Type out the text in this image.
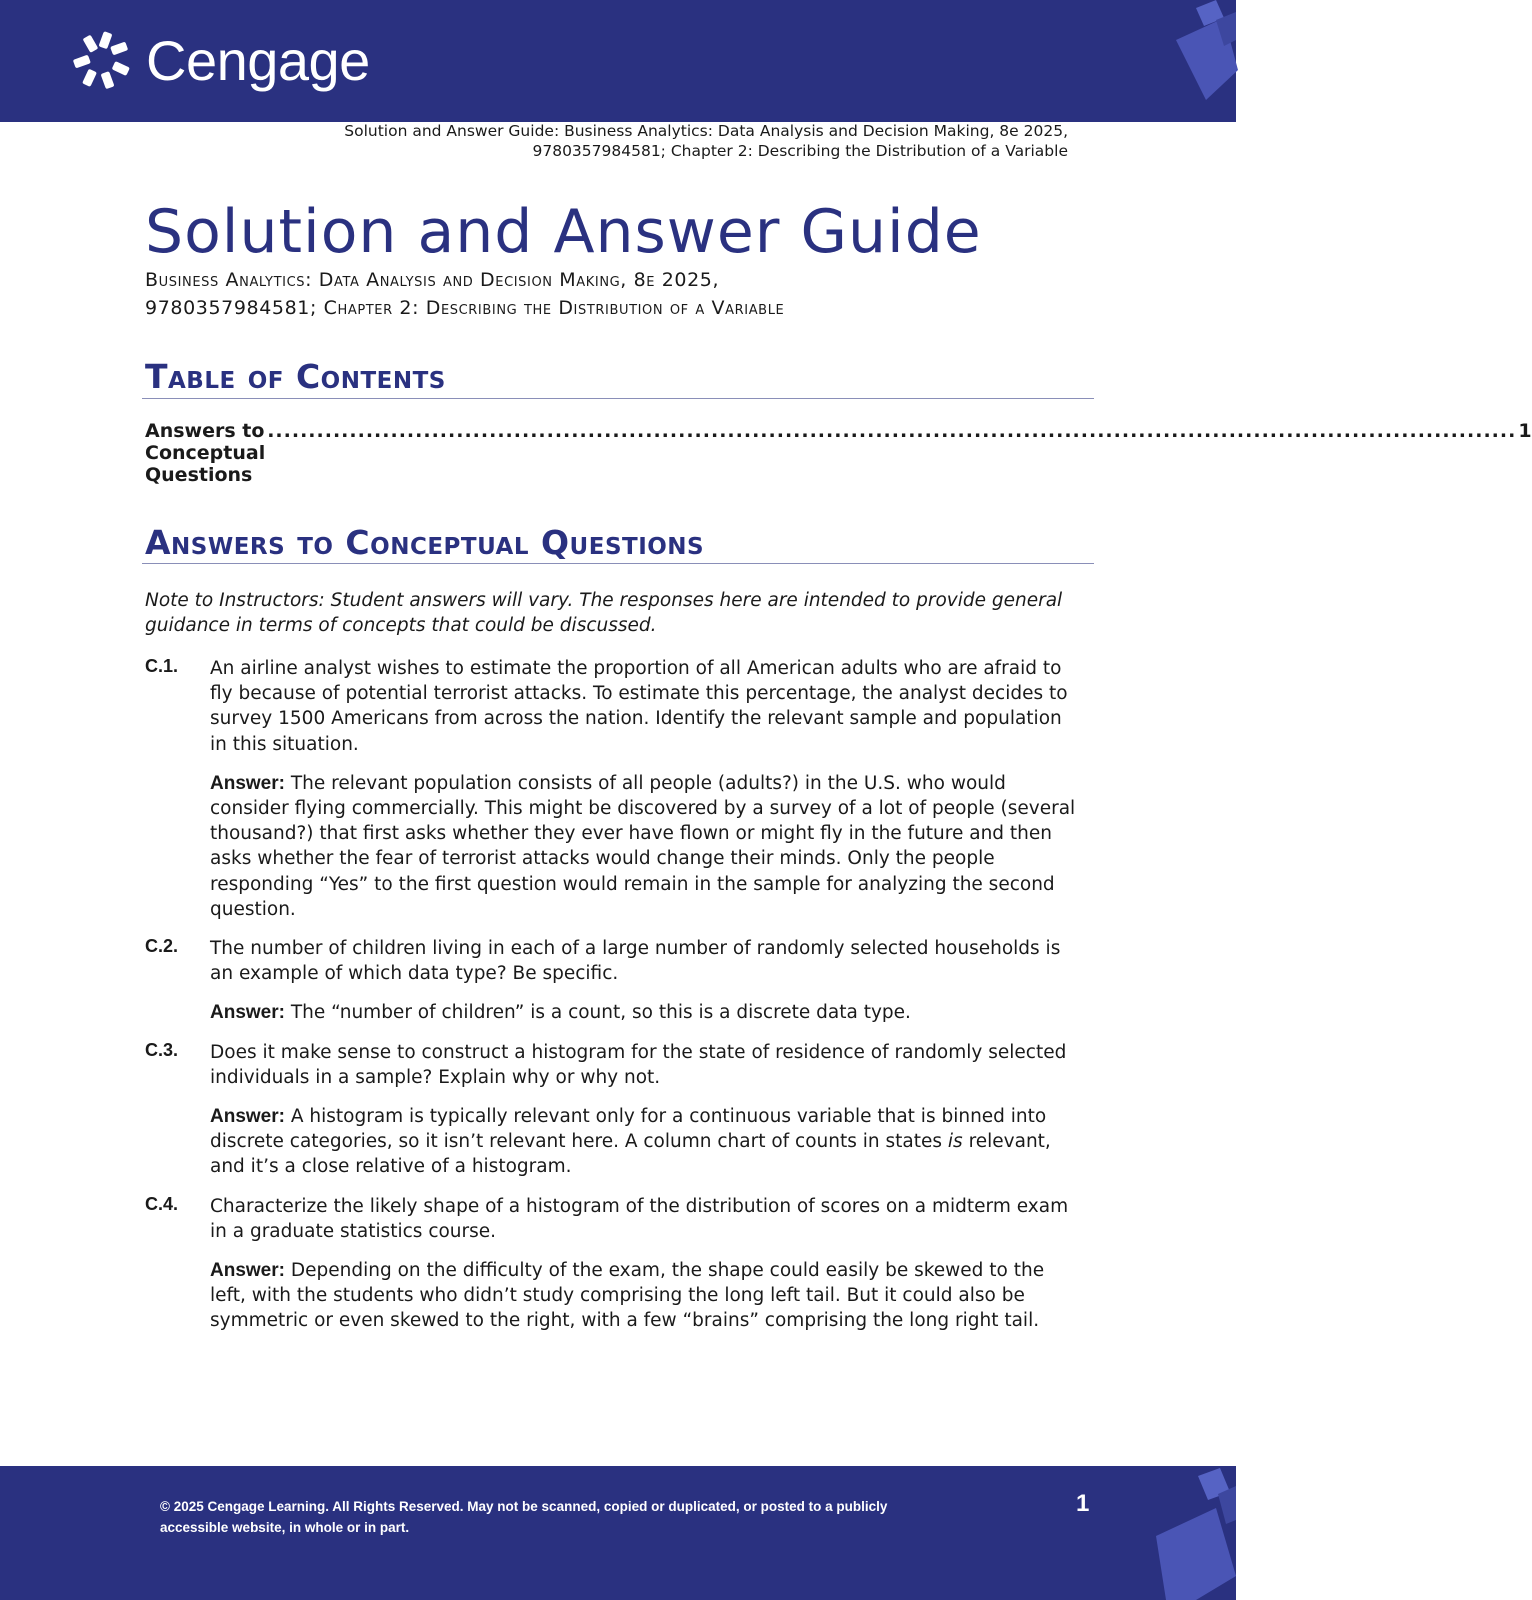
Cengage
Solution and Answer Guide: Business Analytics: Data Analysis and Decision Making, 8e 2025,
9780357984581; Chapter 2: Describing the Distribution of a Variable
Solution and Answer Guide
Business Analytics: Data Analysis and Decision Making, 8e 2025,
9780357984581; Chapter 2: Describing the Distribution of a Variable
Table of Contents
Answers to Conceptual Questions
........................................................................................................................................................ 1
Answers to Conceptual Questions
Note to Instructors: Student answers will vary. The responses here are intended to provide general guidance in terms of concepts that could be discussed.
C.1. An airline analyst wishes to estimate the proportion of all American adults who are afraid to fly because of potential terrorist attacks. To estimate this percentage, the analyst decides to survey 1500 Americans from across the nation. Identify the relevant sample and population in this situation.
Answer: The relevant population consists of all people (adults?) in the U.S. who would consider flying commercially. This might be discovered by a survey of a lot of people (several thousand?) that first asks whether they ever have flown or might fly in the future and then asks whether the fear of terrorist attacks would change their minds. Only the people responding “Yes” to the first question would remain in the sample for analyzing the second question.
C.2. The number of children living in each of a large number of randomly selected households is an example of which data type? Be specific.
Answer: The “number of children” is a count, so this is a discrete data type.
C.3. Does it make sense to construct a histogram for the state of residence of randomly selected individuals in a sample? Explain why or why not.
Answer: A histogram is typically relevant only for a continuous variable that is binned into discrete categories, so it isn’t relevant here. A column chart of counts in states is relevant, and it’s a close relative of a histogram.
C.4. Characterize the likely shape of a histogram of the distribution of scores on a midterm exam in a graduate statistics course.
Answer: Depending on the difficulty of the exam, the shape could easily be skewed to the left, with the students who didn’t study comprising the long left tail. But it could also be symmetric or even skewed to the right, with a few “brains” comprising the long right tail.
© 2025 Cengage Learning. All Rights Reserved. May not be scanned, copied or duplicated, or posted to a publicly
accessible website, in whole or in part.
1
